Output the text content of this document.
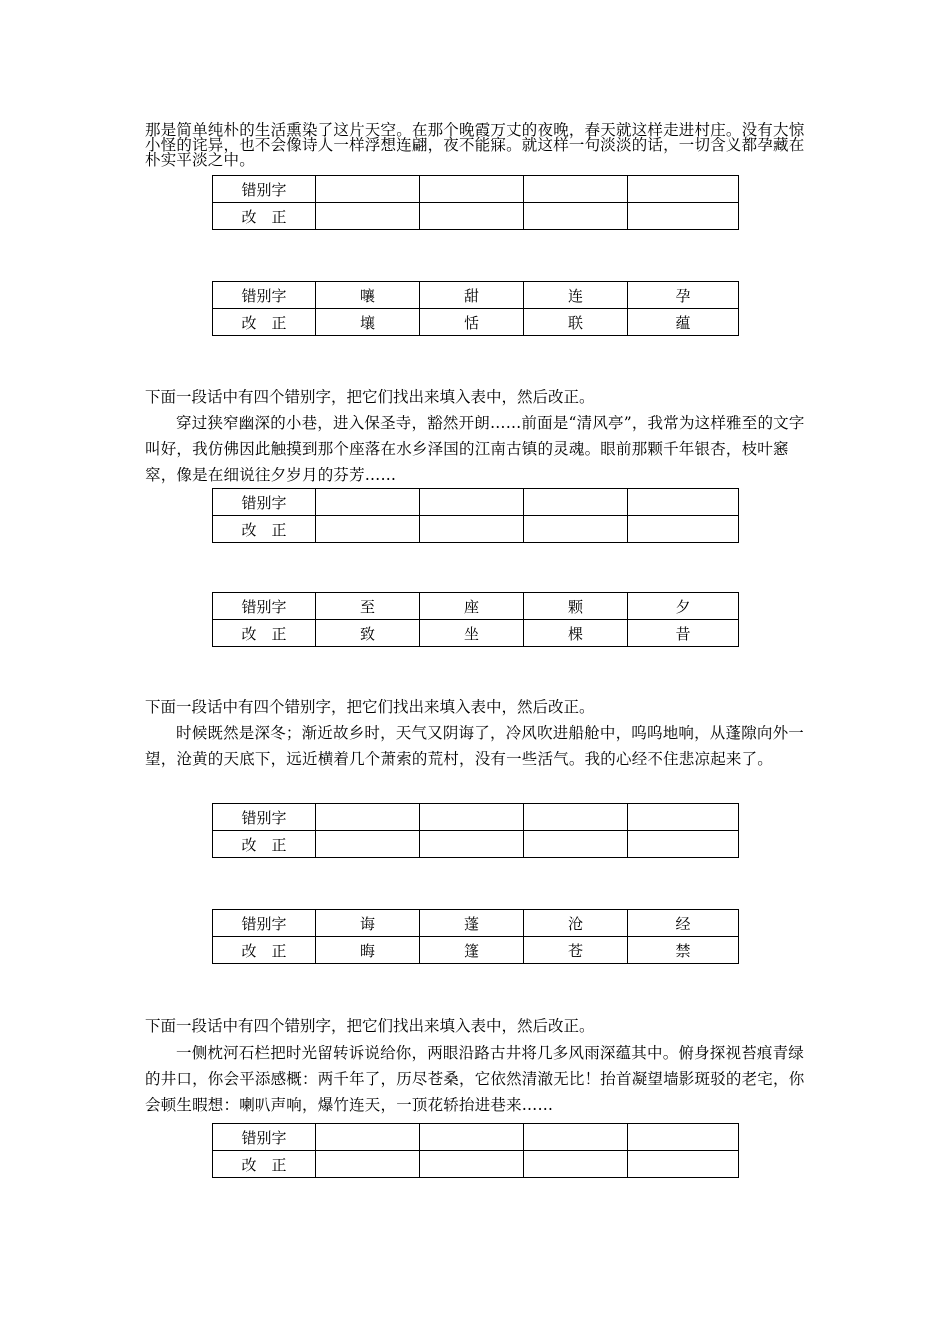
那是简单纯朴的生活熏染了这片天空。在那个晚霞万丈的夜晚，春天就这样走进村庄。没有大惊小怪的诧异，也不会像诗人一样浮想连翩，夜不能寐。就这样一句淡淡的话，一切含义都孕藏在朴实平淡之中。

错别字				
改　正				
错别字	嚷	甜	连	孕
改　正	壤	恬	联	蕴

下面一段话中有四个错别字，把它们找出来填入表中，然后改正。

穿过狭窄幽深的小巷，进入保圣寺，豁然开朗……前面是“清风亭”，我常为这样雅至的文字叫好，我仿佛因此触摸到那个座落在水乡泽国的江南古镇的灵魂。眼前那颗千年银杏，枝叶窸窣，像是在细说往夕岁月的芬芳……

错别字				
改　正				
错别字	至	座	颗	夕
改　正	致	坐	棵	昔

下面一段话中有四个错别字，把它们找出来填入表中，然后改正。

时候既然是深冬；渐近故乡时，天气又阴诲了，冷风吹进船舱中，呜呜地响，从蓬隙向外一望，沧黄的天底下，远近横着几个萧索的荒村，没有一些活气。我的心经不住悲凉起来了。

错别字				
改　正				
错别字	诲	蓬	沧	经
改　正	晦	篷	苍	禁

下面一段话中有四个错别字，把它们找出来填入表中，然后改正。

一侧枕河石栏把时光留转诉说给你，两眼沿路古井将几多风雨深蕴其中。俯身探视苔痕青绿的井口，你会平添感概：两千年了，历尽苍桑，它依然清澈无比！抬首凝望墙影斑驳的老宅，你会顿生暇想：喇叭声响，爆竹连天，一顶花轿抬进巷来……

错别字				
改　正				
